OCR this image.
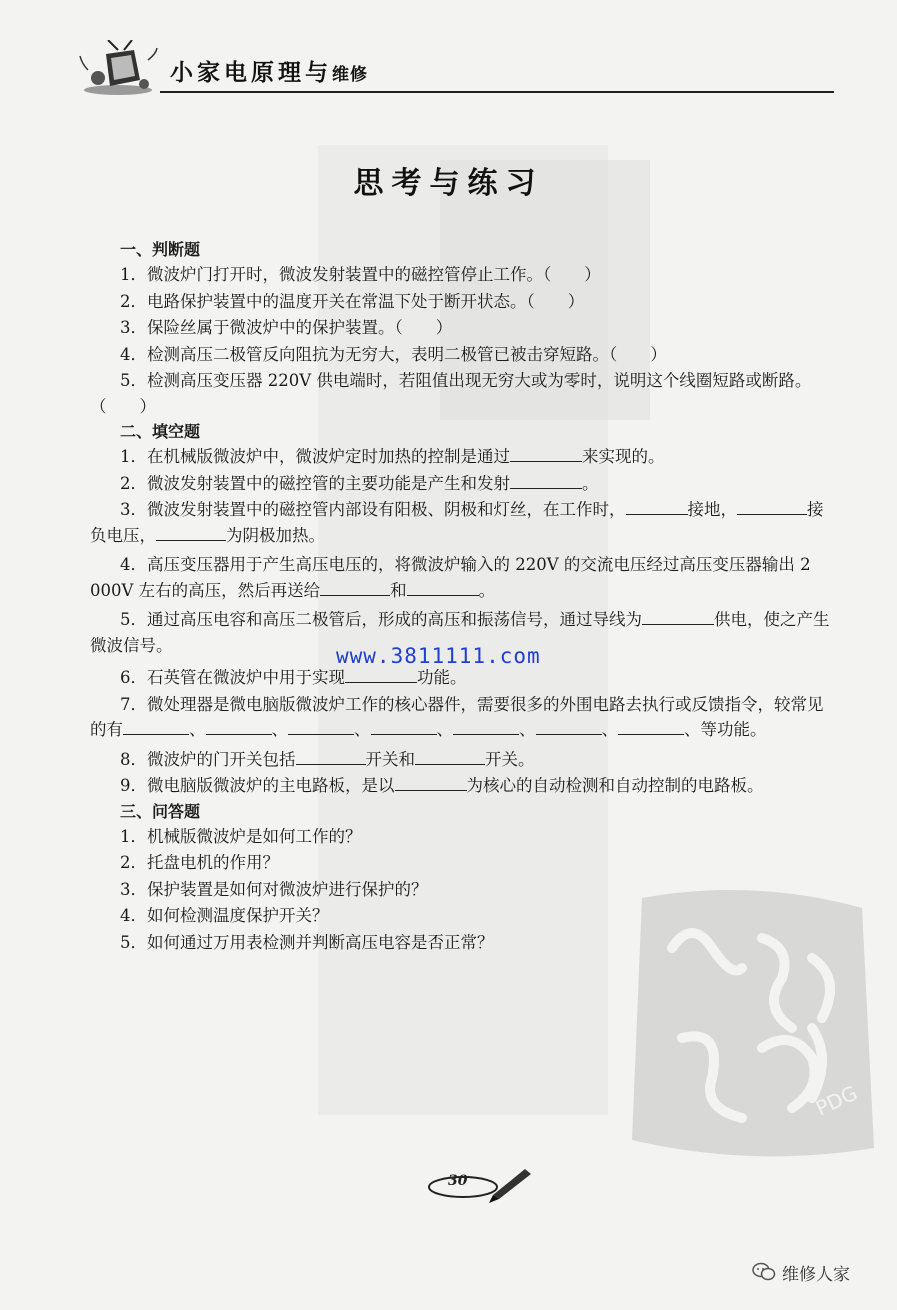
小家电原理与维修
思考与练习
一、判断题
1．微波炉门打开时，微波发射装置中的磁控管停止工作。（　　）
2．电路保护装置中的温度开关在常温下处于断开状态。（　　）
3．保险丝属于微波炉中的保护装置。（　　）
4．检测高压二极管反向阻抗为无穷大，表明二极管已被击穿短路。（　　）
5．检测高压变压器 220V 供电端时，若阻值出现无穷大或为零时，说明这个线圈短路或断路。（　　）
二、填空题
1．在机械版微波炉中，微波炉定时加热的控制是通过	来实现的。
2．微波发射装置中的磁控管的主要功能是产生和发射	。
3．微波发射装置中的磁控管内部设有阳极、阴极和灯丝，在工作时，	接地，	接负电压，	为阴极加热。
4．高压变压器用于产生高压电压的，将微波炉输入的 220V 的交流电压经过高压变压器输出 2 000V 左右的高压，然后再送给	和	。
5．通过高压电容和高压二极管后，形成的高压和振荡信号，通过导线为	供电，使之产生微波信号。
6．石英管在微波炉中用于实现	功能。
7．微处理器是微电脑版微波炉工作的核心器件，需要很多的外围电路去执行或反馈指令，较常见的有	、	、	、	、	、	、	、等功能。
8．微波炉的门开关包括	开关和	开关。
9．微电脑版微波炉的主电路板，是以	为核心的自动检测和自动控制的电路板。
三、问答题
1．机械版微波炉是如何工作的？
2．托盘电机的作用？
3．保护装置是如何对微波炉进行保护的？
4．如何检测温度保护开关？
5．如何通过万用表检测并判断高压电容是否正常？
www.3811111.com
PDG
30
维修人家
